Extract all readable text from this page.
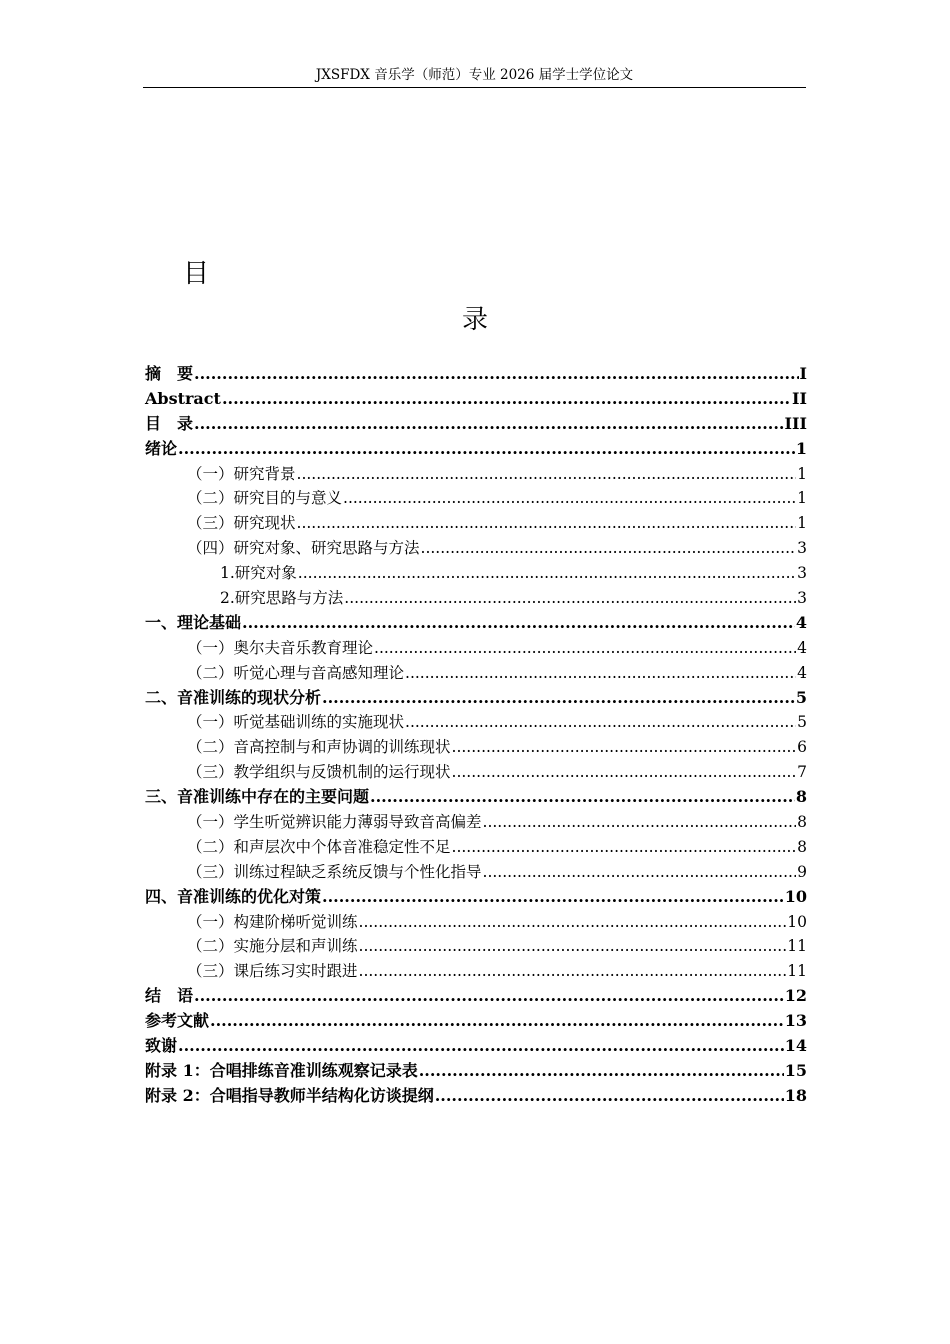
JXSFDX 音乐学（师范）专业 2026 届学士学位论文
目
录
摘　要 .....	I
Abstract .....	II
目　录 .....	III
绪论 .....	1
（一）研究背景 .....	1
（二）研究目的与意义 .....	1
（三）研究现状 .....	1
（四）研究对象、研究思路与方法 .....	3
1.研究对象 .....	3
2.研究思路与方法 .....	3
一、理论基础 .....	4
（一）奥尔夫音乐教育理论 .....	4
（二）听觉心理与音高感知理论 .....	4
二、音准训练的现状分析 .....	5
（一）听觉基础训练的实施现状 .....	5
（二）音高控制与和声协调的训练现状 .....	6
（三）教学组织与反馈机制的运行现状 .....	7
三、音准训练中存在的主要问题 .....	8
（一）学生听觉辨识能力薄弱导致音高偏差 .....	8
（二）和声层次中个体音准稳定性不足 .....	8
（三）训练过程缺乏系统反馈与个性化指导 .....	9
四、音准训练的优化对策 .....	10
（一）构建阶梯听觉训练 .....	10
（二）实施分层和声训练 .....	11
（三）课后练习实时跟进 .....	11
结　语 .....	12
参考文献 .....	13
致谢 .....	14
附录 1：合唱排练音准训练观察记录表 .....	15
附录 2：合唱指导教师半结构化访谈提纲 .....	18
